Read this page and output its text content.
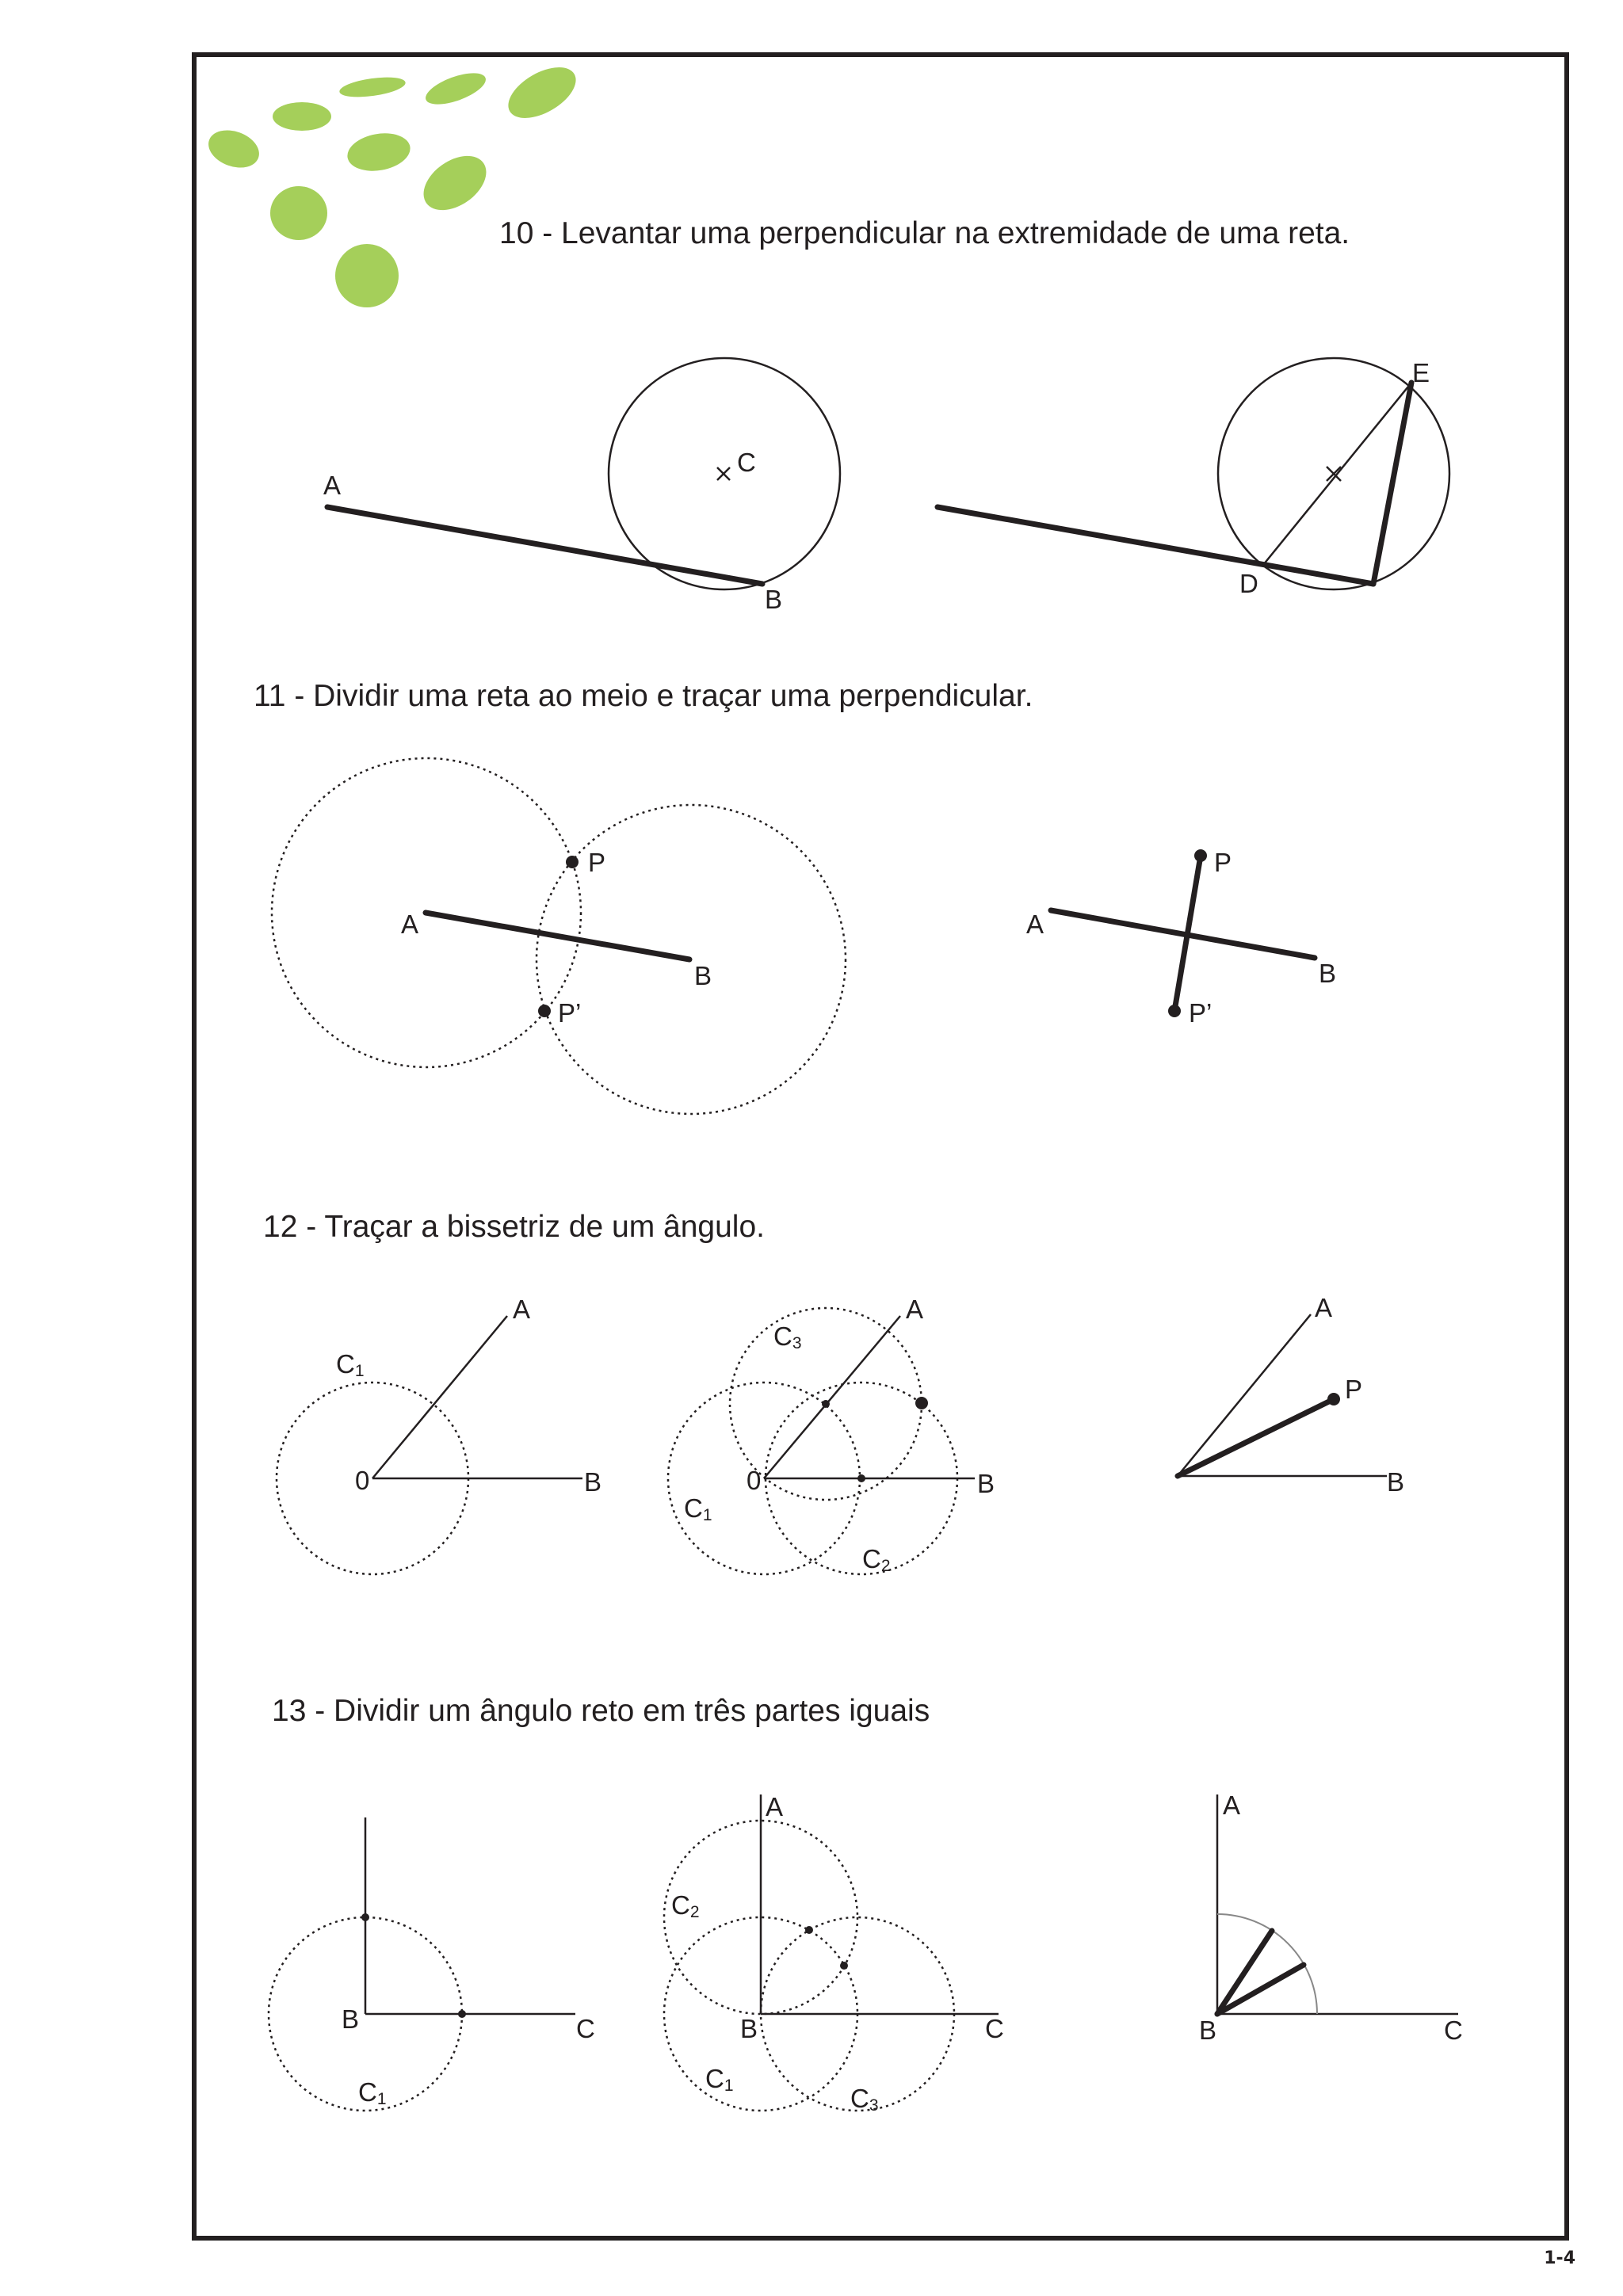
A
C
B
D
E
P
P’
A
B
P
P’
A
B
0
A
B
C1
0
A
B
C3
C1
C2
A
P
B
B	C
C1
A
B	C
C2
C1	C3
A
B	C
10 - Levantar uma perpendicular na extremidade de uma reta.
11 - Dividir uma reta ao meio e traçar uma perpendicular.
12 - Traçar a bissetriz de um ângulo.
13 - Dividir um ângulo reto em três partes iguais
1-4
